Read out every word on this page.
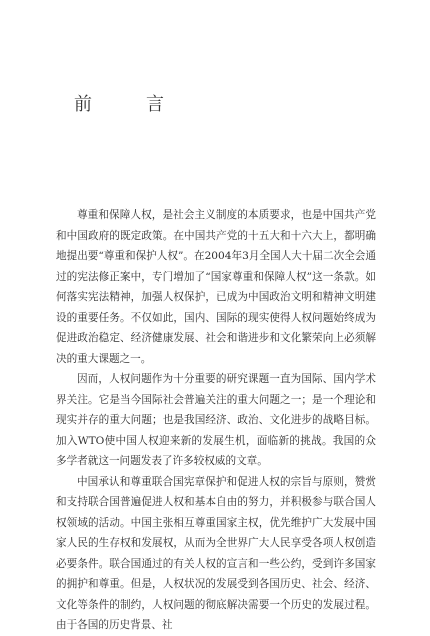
前　言

尊重和保障人权，是社会主义制度的本质要求，也是中国共产党和中国政府的既定政策。在中国共产党的十五大和十六大上，都明确地提出要“尊重和保护人权”。在2004年3月全国人大十届二次全会通过的宪法修正案中，专门增加了“国家尊重和保障人权”这一条款。如何落实宪法精神，加强人权保护，已成为中国政治文明和精神文明建设的重要任务。不仅如此，国内、国际的现实使得人权问题始终成为促进政治稳定、经济健康发展、社会和谐进步和文化繁荣向上必须解决的重大课题之一。

因而，人权问题作为十分重要的研究课题一直为国际、国内学术界关注。它是当今国际社会普遍关注的重大问题之一；是一个理论和现实并存的重大问题；也是我国经济、政治、文化进步的战略目标。加入WTO使中国人权迎来新的发展生机，面临新的挑战。我国的众多学者就这一问题发表了许多较权威的文章。

中国承认和尊重联合国宪章保护和促进人权的宗旨与原则，赞赏和支持联合国普遍促进人权和基本自由的努力，并积极参与联合国人权领域的活动。中国主张相互尊重国家主权，优先维护广大发展中国家人民的生存权和发展权，从而为全世界广大人民享受各项人权创造必要条件。联合国通过的有关人权的宣言和一些公约，受到许多国家的拥护和尊重。但是，人权状况的发展受到各国历史、社会、经济、文化等条件的制约，人权问题的彻底解决需要一个历史的发展过程。由于各国的历史背景、社
